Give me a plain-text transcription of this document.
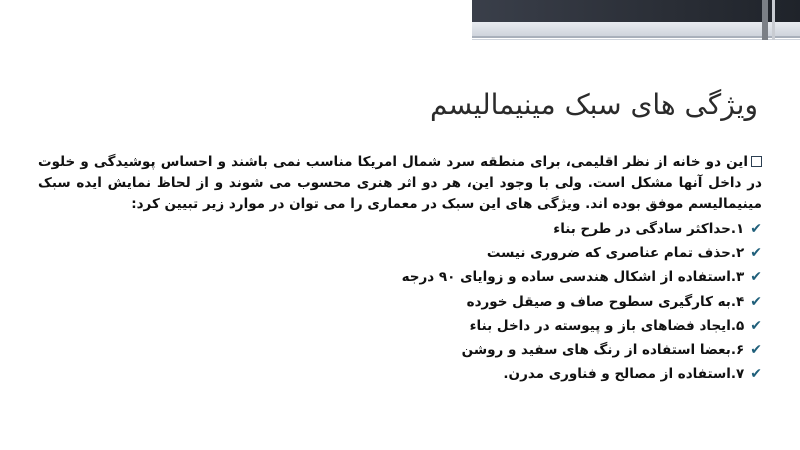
ویژگی های سبک مینیمالیسم

این دو خانه از نظر اقلیمی، برای منطقه سرد شمال امریکا مناسب نمی باشند و احساس پوشیدگی و خلوت در داخل آنها مشکل است. ولی با وجود این، هر دو اثر هنری محسوب می شوند و از لحاظ نمایش ایده سبک مینیمالیسم موفق بوده اند. ویژگی های این سبک در معماری را می توان در موارد زیر تبیین کرد:

✔۱.حداکثر سادگی در طرح بناء
✔۲.حذف تمام عناصری که ضروری نیست
✔۳.استفاده از اشکال هندسی ساده و زوایای ۹۰ درجه
✔۴.به کارگیری سطوح صاف و صیقل خورده
✔۵.ایجاد فضاهای باز و پیوسته در داخل بناء
✔۶.بعضا استفاده از رنگ های سفید و روشن
✔۷.استفاده از مصالح و فناوری مدرن.
